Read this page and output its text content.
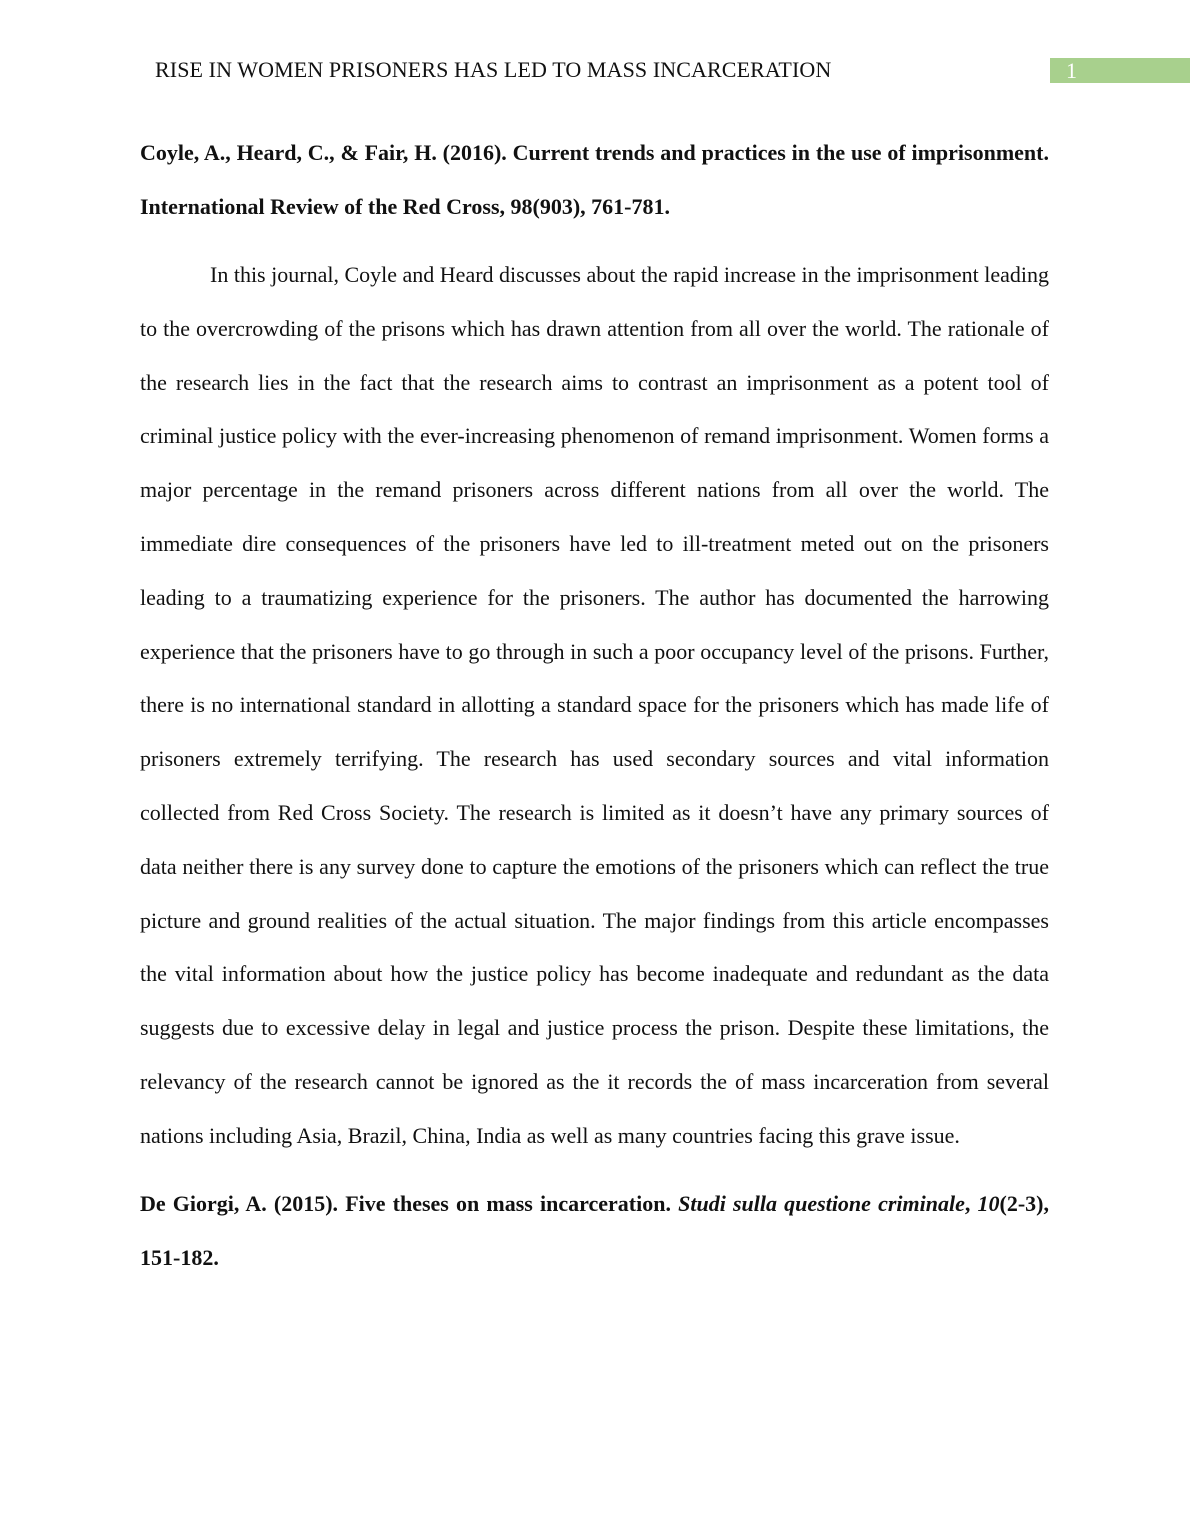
RISE IN WOMEN PRISONERS HAS LED TO MASS INCARCERATION	1

Coyle, A., Heard, C., & Fair, H. (2016). Current trends and practices in the use of imprisonment. International Review of the Red Cross, 98(903), 761-781.

In this journal, Coyle and Heard discusses about the rapid increase in the imprisonment leading to the overcrowding of the prisons which has drawn attention from all over the world. The rationale of the research lies in the fact that the research aims to contrast an imprisonment as a potent tool of criminal justice policy with the ever-increasing phenomenon of remand imprisonment. Women forms a major percentage in the remand prisoners across different nations from all over the world. The immediate dire consequences of the prisoners have led to ill-treatment meted out on the prisoners leading to a traumatizing experience for the prisoners. The author has documented the harrowing experience that the prisoners have to go through in such a poor occupancy level of the prisons. Further, there is no international standard in allotting a standard space for the prisoners which has made life of prisoners extremely terrifying. The research has used secondary sources and vital information collected from Red Cross Society. The research is limited as it doesn’t have any primary sources of data neither there is any survey done to capture the emotions of the prisoners which can reflect the true picture and ground realities of the actual situation. The major findings from this article encompasses the vital information about how the justice policy has become inadequate and redundant as the data suggests due to excessive delay in legal and justice process the prison. Despite these limitations, the relevancy of the research cannot be ignored as the it records the of mass incarceration from several nations including Asia, Brazil, China, India as well as many countries facing this grave issue.

De Giorgi, A. (2015). Five theses on mass incarceration. Studi sulla questione criminale, 10(2-3), 151-182.
